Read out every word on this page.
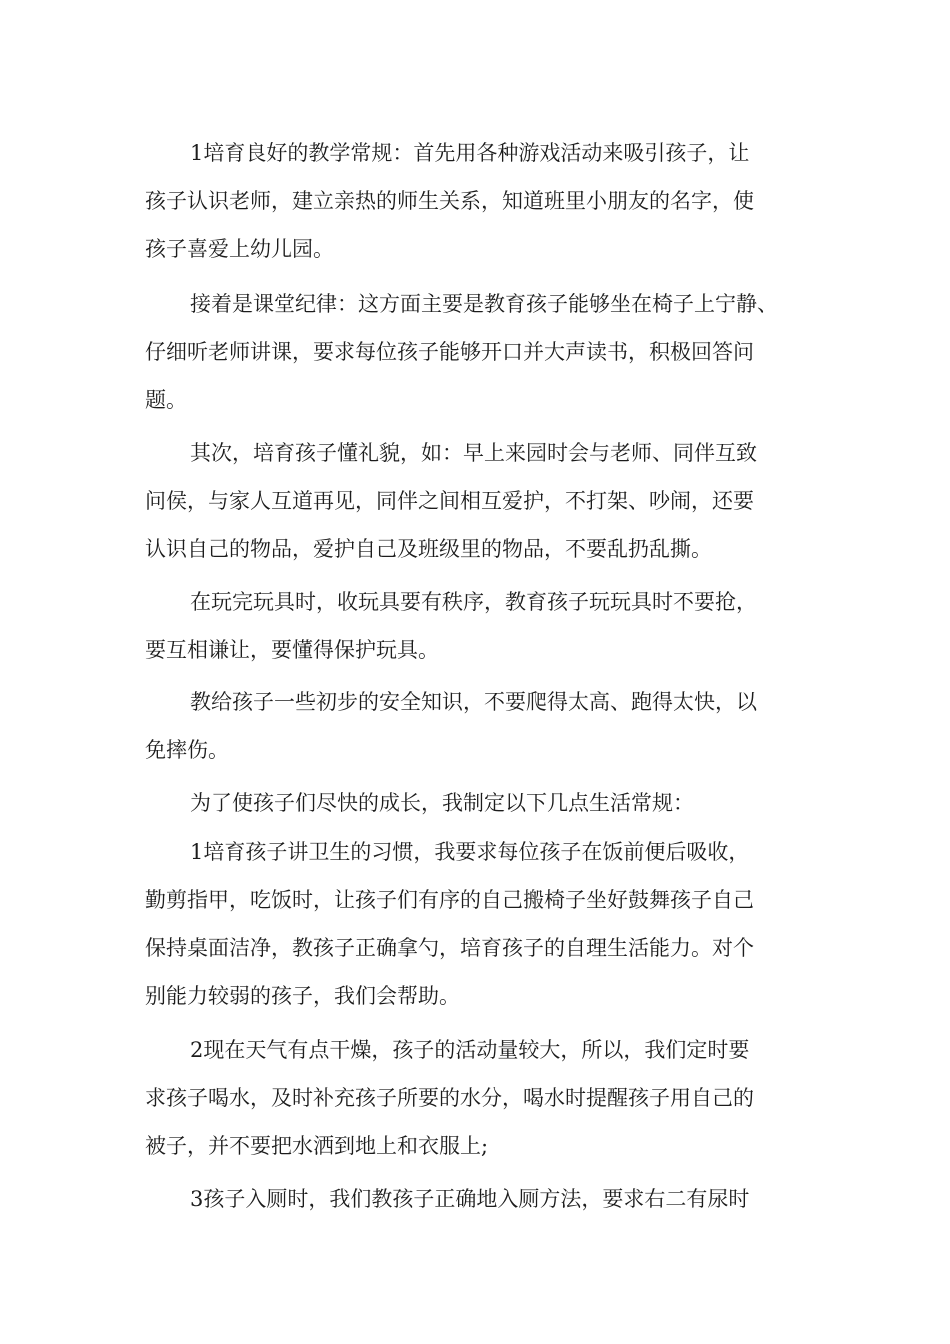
1培育良好的教学常规：首先用各种游戏活动来吸引孩子，让

孩子认识老师，建立亲热的师生关系，知道班里小朋友的名字，使

孩子喜爱上幼儿园。

接着是课堂纪律：这方面主要是教育孩子能够坐在椅子上宁静、

仔细听老师讲课，要求每位孩子能够开口并大声读书，积极回答问

题。

其次，培育孩子懂礼貌，如：早上来园时会与老师、同伴互致

问侯，与家人互道再见，同伴之间相互爱护，不打架、吵闹，还要

认识自己的物品，爱护自己及班级里的物品，不要乱扔乱撕。

在玩完玩具时，收玩具要有秩序，教育孩子玩玩具时不要抢，

要互相谦让，要懂得保护玩具。

教给孩子一些初步的安全知识，不要爬得太高、跑得太快，以

免摔伤。

为了使孩子们尽快的成长，我制定以下几点生活常规：

1培育孩子讲卫生的习惯，我要求每位孩子在饭前便后吸收，

勤剪指甲，吃饭时，让孩子们有序的自己搬椅子坐好鼓舞孩子自己

保持桌面洁净，教孩子正确拿勺，培育孩子的自理生活能力。对个

别能力较弱的孩子，我们会帮助。

2现在天气有点干燥，孩子的活动量较大，所以，我们定时要

求孩子喝水，及时补充孩子所要的水分，喝水时提醒孩子用自己的

被子，并不要把水洒到地上和衣服上;

3孩子入厕时，我们教孩子正确地入厕方法，要求右二有尿时
